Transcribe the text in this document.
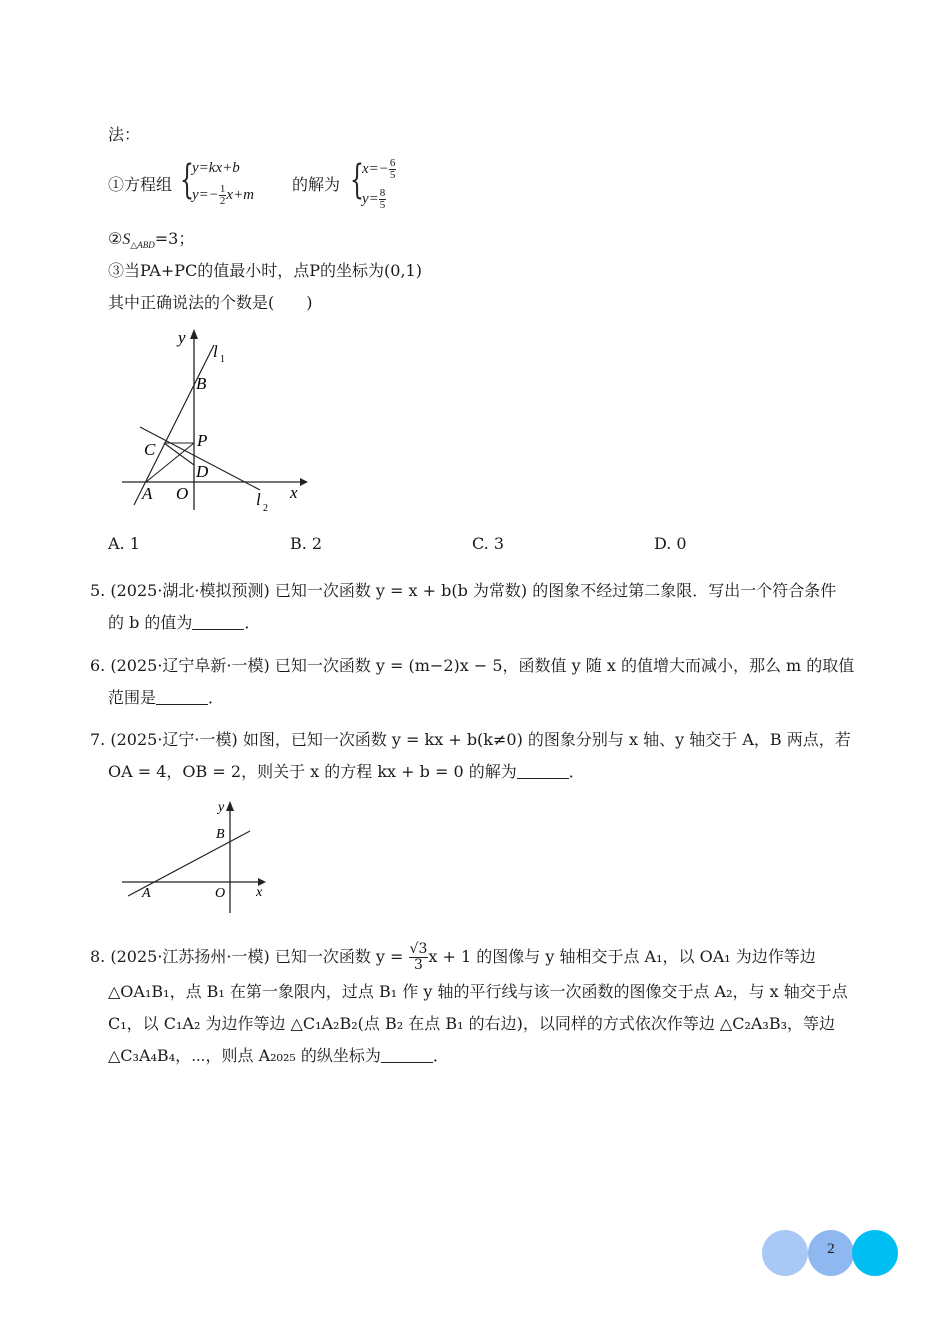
法：
①方程组 {
y=kx+b
$y=- \frac{1}{2} x+m$
的解为 {
$x=- \frac{6}{5}$
$y= \frac{8}{5}$
$②S_{\triangle ABD}=3$；
③当PA+PC的值最小时，点P的坐标为(0,1)
其中正确说法的个数是(　　)
y
x
l 1
l 2
B
C P
D
A O
A. 1	B. 2	C. 3	D. 0
5. (2025·湖北·模拟预测) 已知一次函数 y = x + b(b 为常数) 的图象不经过第二象限．写出一个符合条件
的 b 的值为	．
6. (2025·辽宁阜新·一模) 已知一次函数 y = (m−2)x − 5，函数值 y 随 x 的值增大而减小，那么 m 的取值
范围是	．
7. (2025·辽宁·一模) 如图，已知一次函数 y = kx + b(k≠0) 的图象分别与 x 轴、y 轴交于 A，B 两点，若
OA = 4，OB = 2，则关于 x 的方程 kx + b = 0 的解为	．
y
x
B
A	O
8. (2025·江苏扬州·一模) 已知一次函数 $y = \frac{√3}{3}$ x + 1 的图像与 y 轴相交于点 A₁，以 OA₁ 为边作等边
△OA₁B₁，点 B₁ 在第一象限内，过点 B₁ 作 y 轴的平行线与该一次函数的图像交于点 A₂，与 x 轴交于点
C₁，以 C₁A₂ 为边作等边 △C₁A₂B₂(点 B₂ 在点 B₁ 的右边)，以同样的方式依次作等边 △C₂A₃B₃，等边
△C₃A₄B₄，⋯，则点 A₂₀₂₅ 的纵坐标为	．
2
